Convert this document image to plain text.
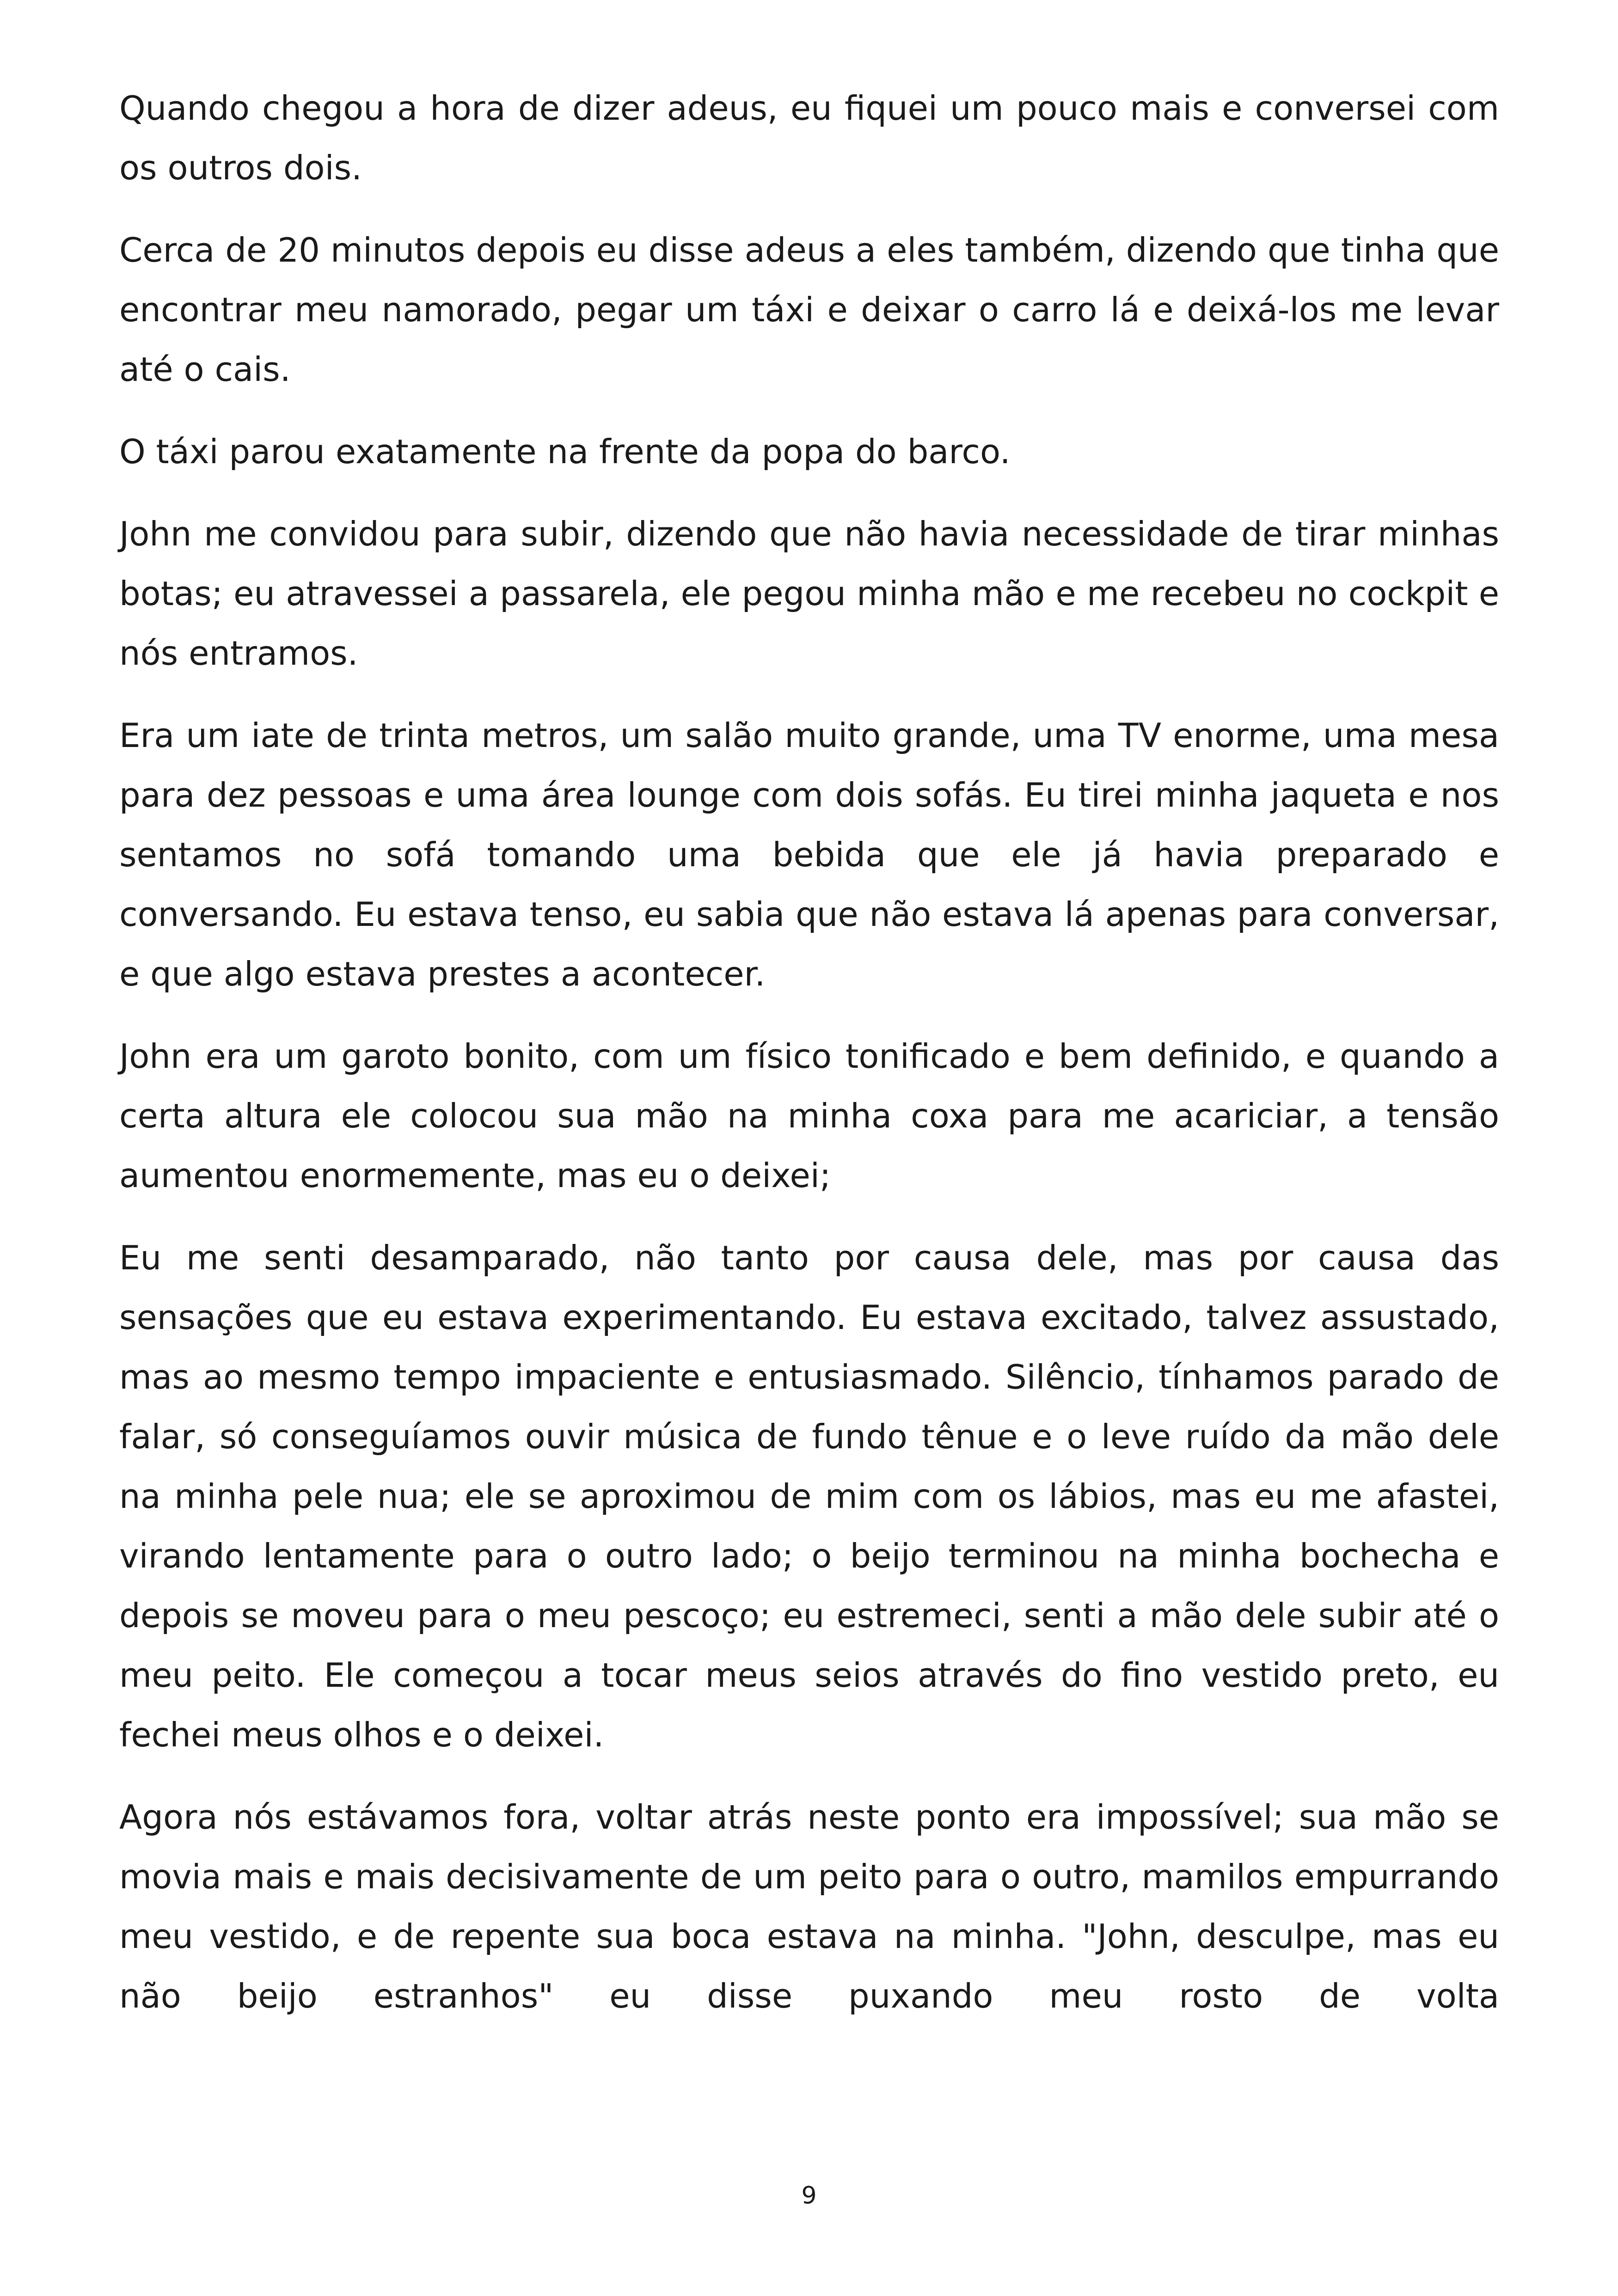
Quando chegou a hora de dizer adeus, eu fiquei um pouco mais e conversei com os outros dois.

Cerca de 20 minutos depois eu disse adeus a eles também, dizendo que tinha que encontrar meu namorado, pegar um táxi e deixar o carro lá e deixá-los me levar até o cais.

O táxi parou exatamente na frente da popa do barco.

John me convidou para subir, dizendo que não havia necessidade de tirar minhas botas; eu atravessei a passarela, ele pegou minha mão e me recebeu no cockpit e nós entramos.

Era um iate de trinta metros, um salão muito grande, uma TV enorme, uma mesa para dez pessoas e uma área lounge com dois sofás. Eu tirei minha jaqueta e nos sentamos no sofá tomando uma bebida que ele já havia preparado e conversando. Eu estava tenso, eu sabia que não estava lá apenas para conversar, e que algo estava prestes a acontecer.

John era um garoto bonito, com um físico tonificado e bem definido, e quando a certa altura ele colocou sua mão na minha coxa para me acariciar, a tensão aumentou enormemente, mas eu o deixei;

Eu me senti desamparado, não tanto por causa dele, mas por causa das sensações que eu estava experimentando. Eu estava excitado, talvez assustado, mas ao mesmo tempo impaciente e entusiasmado. Silêncio, tínhamos parado de falar, só conseguíamos ouvir música de fundo tênue e o leve ruído da mão dele na minha pele nua; ele se aproximou de mim com os lábios, mas eu me afastei, virando lentamente para o outro lado; o beijo terminou na minha bochecha e depois se moveu para o meu pescoço; eu estremeci, senti a mão dele subir até o meu peito. Ele começou a tocar meus seios através do fino vestido preto, eu fechei meus olhos e o deixei.

Agora nós estávamos fora, voltar atrás neste ponto era impossível; sua mão se movia mais e mais decisivamente de um peito para o outro, mamilos empurrando meu vestido, e de repente sua boca estava na minha. "John, desculpe, mas eu não beijo estranhos" eu disse puxando meu rosto de volta

9
